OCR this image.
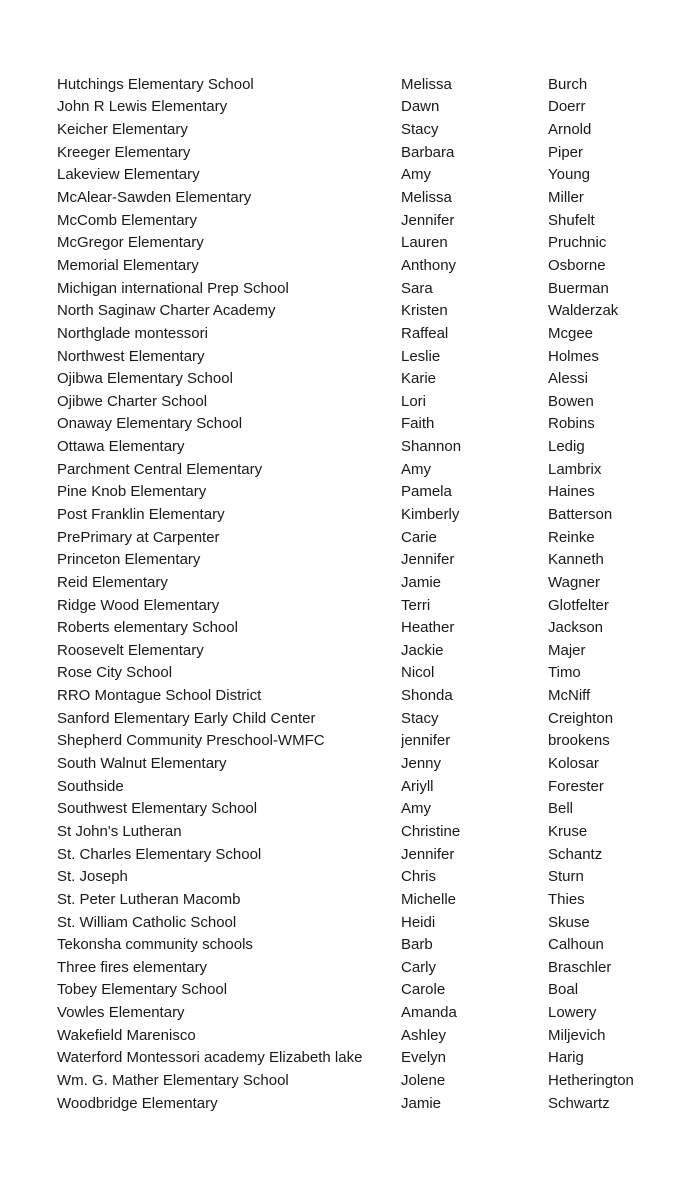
Hutchings Elementary School	Melissa	Burch
John R Lewis Elementary	Dawn	Doerr
Keicher Elementary	Stacy	Arnold
Kreeger Elementary	Barbara	Piper
Lakeview Elementary	Amy	Young
McAlear-Sawden Elementary	Melissa	Miller
McComb Elementary	Jennifer	Shufelt
McGregor Elementary	Lauren	Pruchnic
Memorial Elementary	Anthony	Osborne
Michigan international Prep School	Sara	Buerman
North Saginaw Charter Academy	Kristen	Walderzak
Northglade montessori	Raffeal	Mcgee
Northwest Elementary	Leslie	Holmes
Ojibwa Elementary School	Karie	Alessi
Ojibwe Charter School	Lori	Bowen
Onaway Elementary School	Faith	Robins
Ottawa Elementary	Shannon	Ledig
Parchment Central Elementary	Amy	Lambrix
Pine Knob Elementary	Pamela	Haines
Post Franklin Elementary	Kimberly	Batterson
PrePrimary at Carpenter	Carie	Reinke
Princeton Elementary	Jennifer	Kanneth
Reid Elementary	Jamie	Wagner
Ridge Wood Elementary	Terri	Glotfelter
Roberts elementary School	Heather	Jackson
Roosevelt Elementary	Jackie	Majer
Rose City School	Nicol	Timo
RRO Montague School District	Shonda	McNiff
Sanford Elementary Early Child Center	Stacy	Creighton
Shepherd Community Preschool-WMFC	jennifer	brookens
South Walnut Elementary	Jenny	Kolosar
Southside	Ariyll	Forester
Southwest Elementary School	Amy	Bell
St John's Lutheran	Christine	Kruse
St. Charles Elementary School	Jennifer	Schantz
St. Joseph	Chris	Sturn
St. Peter Lutheran Macomb	Michelle	Thies
St. William Catholic School	Heidi	Skuse
Tekonsha community schools	Barb	Calhoun
Three fires elementary	Carly	Braschler
Tobey Elementary School	Carole	Boal
Vowles Elementary	Amanda	Lowery
Wakefield Marenisco	Ashley	Miljevich
Waterford Montessori academy Elizabeth lake	Evelyn	Harig
Wm. G. Mather Elementary School	Jolene	Hetherington
Woodbridge Elementary	Jamie	Schwartz
